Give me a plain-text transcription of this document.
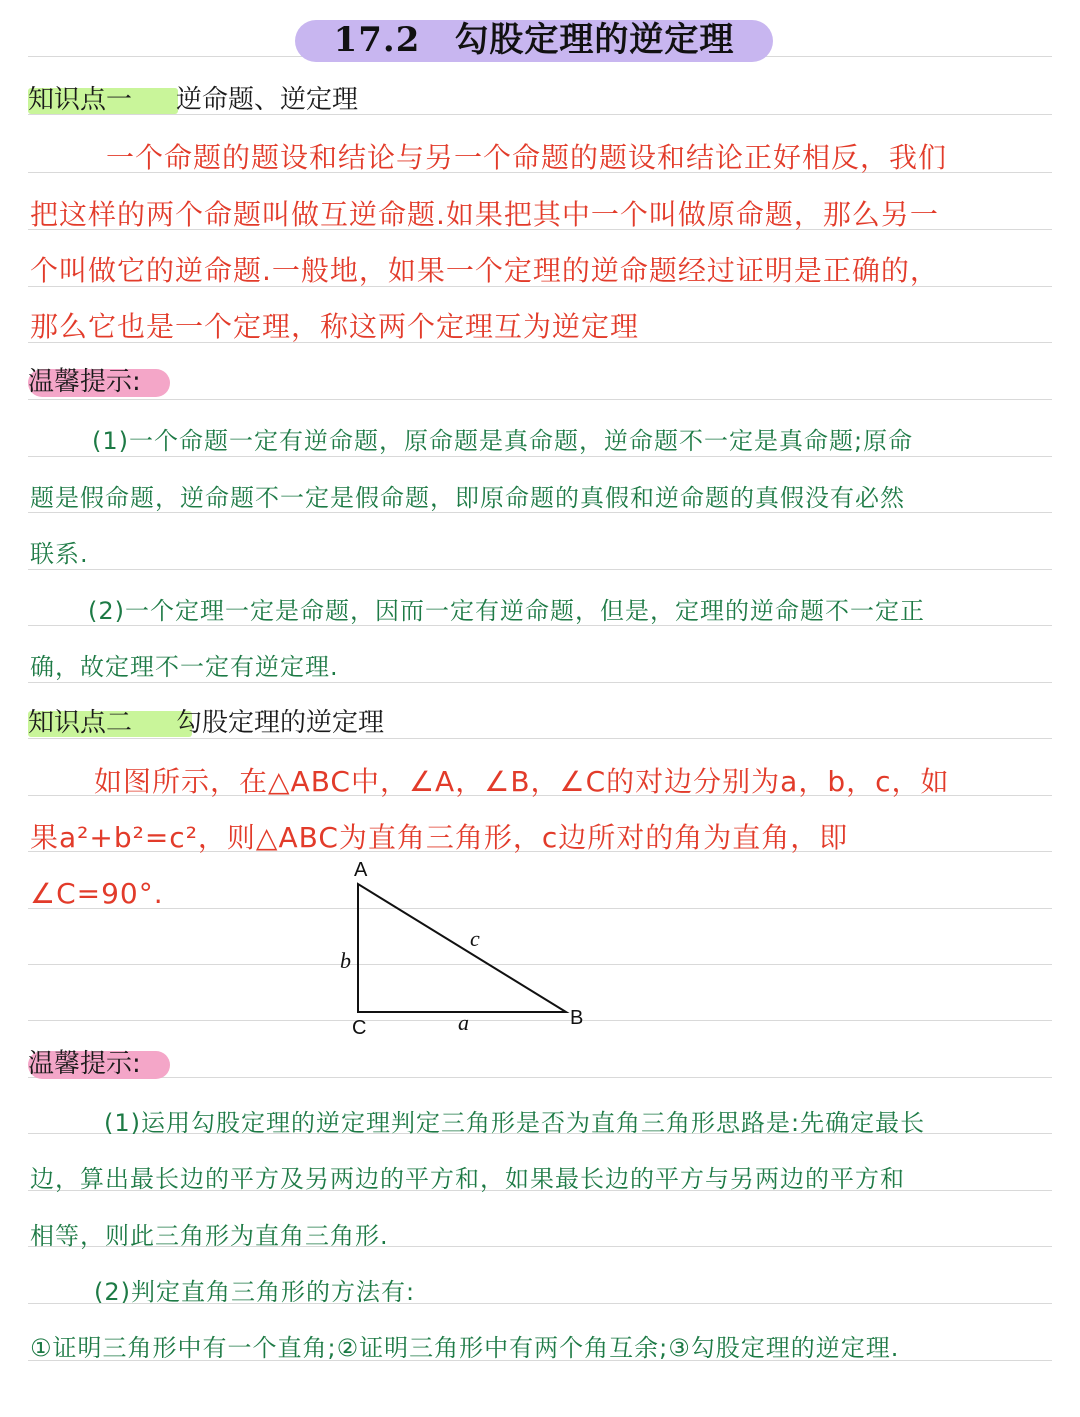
17.2 勾股定理的逆定理
知识点一 逆命题、逆定理
一个命题的题设和结论与另一个命题的题设和结论正好相反，我们
把这样的两个命题叫做互逆命题.如果把其中一个叫做原命题，那么另一
个叫做它的逆命题.一般地，如果一个定理的逆命题经过证明是正确的，
那么它也是一个定理，称这两个定理互为逆定理
温馨提示:
(1)一个命题一定有逆命题，原命题是真命题，逆命题不一定是真命题;原命
题是假命题，逆命题不一定是假命题，即原命题的真假和逆命题的真假没有必然
联系.
(2)一个定理一定是命题，因而一定有逆命题，但是，定理的逆命题不一定正
确，故定理不一定有逆定理.
知识点二 勾股定理的逆定理
如图所示，在△ABC中，∠A，∠B，∠C的对边分别为a，b，c，如
果a²+b²=c²，则△ABC为直角三角形，c边所对的角为直角，即
∠C=90°.
A
C	B
b
c
a
温馨提示:
(1)运用勾股定理的逆定理判定三角形是否为直角三角形思路是:先确定最长
边，算出最长边的平方及另两边的平方和，如果最长边的平方与另两边的平方和
相等，则此三角形为直角三角形.
(2)判定直角三角形的方法有:
①证明三角形中有一个直角;②证明三角形中有两个角互余;③勾股定理的逆定理.
